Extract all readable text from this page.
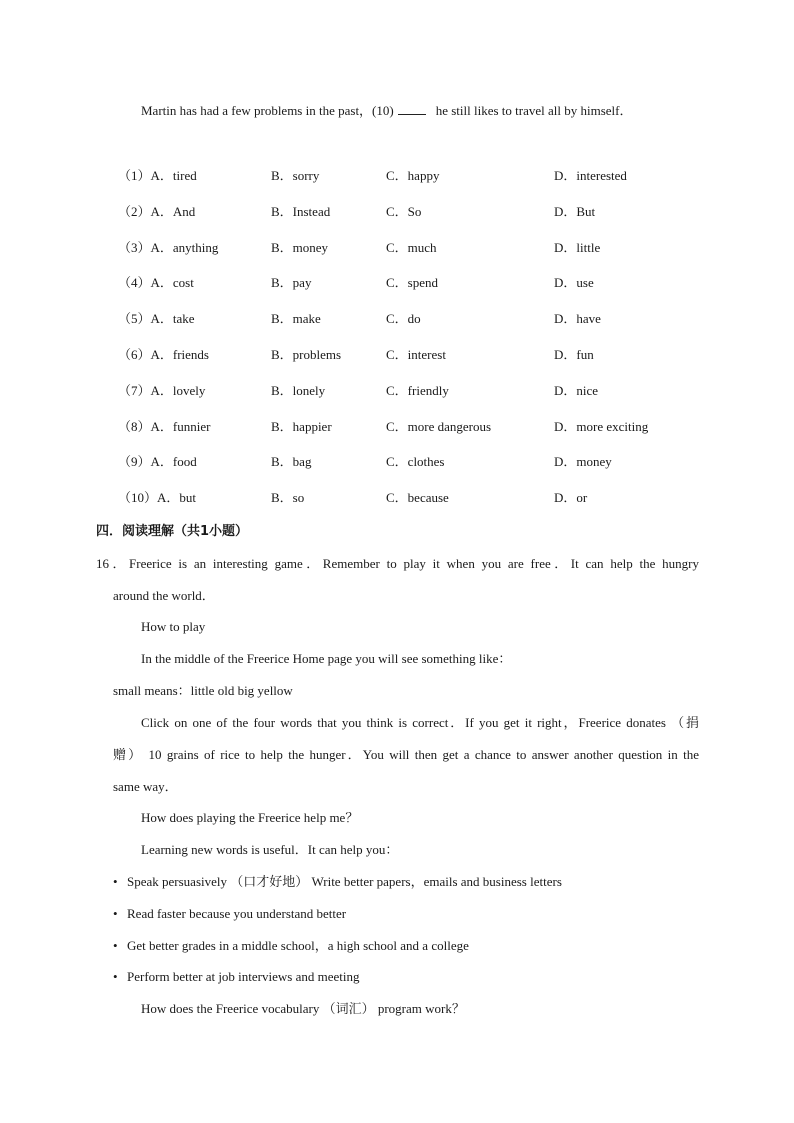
Martin has had a few problems in the past，(10)	he still likes to travel all by himself．
（1）A．tired	B．sorry	C．happy	D．interested
（2）A．And	B．Instead	C．So	D．But
（3）A．anything	B．money	C．much	D．little
（4）A．cost	B．pay	C．spend	D．use
（5）A．take	B．make	C．do	D．have
（6）A．friends	B．problems	C．interest	D．fun
（7）A．lovely	B．lonely	C．friendly	D．nice
（8）A．funnier	B．happier	C．more dangerous	D．more exciting
（9）A．food	B．bag	C．clothes	D．money
（10）A．but	B．so	C．because	D．or
四．阅读理解（共1小题）
16．Freerice is an interesting game．Remember to play it when you are free．It can help the hungry
around the world．
How to play
In the middle of the Freerice Home page you will see something like：
small means：little old big yellow
Click on one of the four words that you think is correct．If you get it right，Freerice donates （捐
赠） 10 grains of rice to help the hunger．You will then get a chance to answer another question in the
same way．
How does playing the Freerice help me？
Learning new words is useful．It can help you：
• Speak persuasively （口才好地） Write better papers，emails and business letters
• Read faster because you understand better
• Get better grades in a middle school，a high school and a college
• Perform better at job interviews and meeting
How does the Freerice vocabulary （词汇） program work？
